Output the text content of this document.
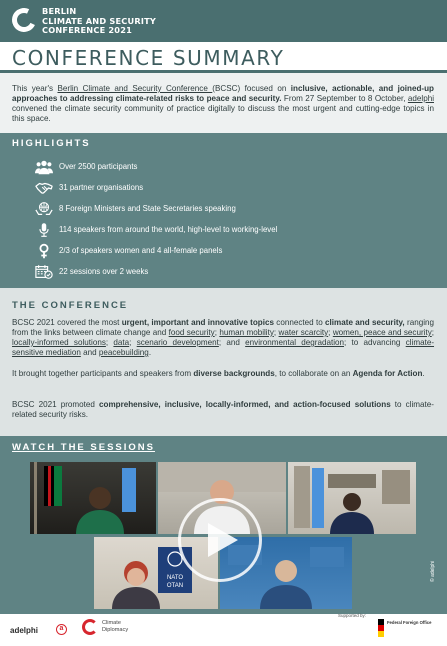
BERLIN
CLIMATE AND SECURITY
CONFERENCE 2021
CONFERENCE SUMMARY

This year's Berlin Climate and Security Conference (BCSC) focused on inclusive, actionable, and joined-up approaches to addressing climate-related risks to peace and security. From 27 September to 8 October, adelphi convened the climate security community of practice digitally to discuss the most urgent and cutting-edge topics in this space.

HIGHLIGHTS
Over 2500 participants
31 partner organisations
8 Foreign Ministers and State Secretaries speaking
114 speakers from around the world, high-level to working-level
2/3 of speakers women and 4 all-female panels
22 sessions over 2 weeks
THE CONFERENCE

BCSC 2021 covered the most urgent, important and innovative topics connected to climate and security, ranging from the links between climate change and food security; human mobility; water scarcity; women, peace and security; locally-informed solutions; data; scenario development; and environmental degradation; to advancing climate-sensitive mediation and peacebuilding.

It brought together participants and speakers from diverse backgrounds, to collaborate on an Agenda for Action.

BCSC 2021 promoted comprehensive, inclusive, locally-informed, and action-focused solutions to climate-related security risks.

WATCH THE SESSIONS
NATO
OTAN
© adelphi
adelphi	a
Climate
Diplomacy
Supported by:
Federal Foreign Office
